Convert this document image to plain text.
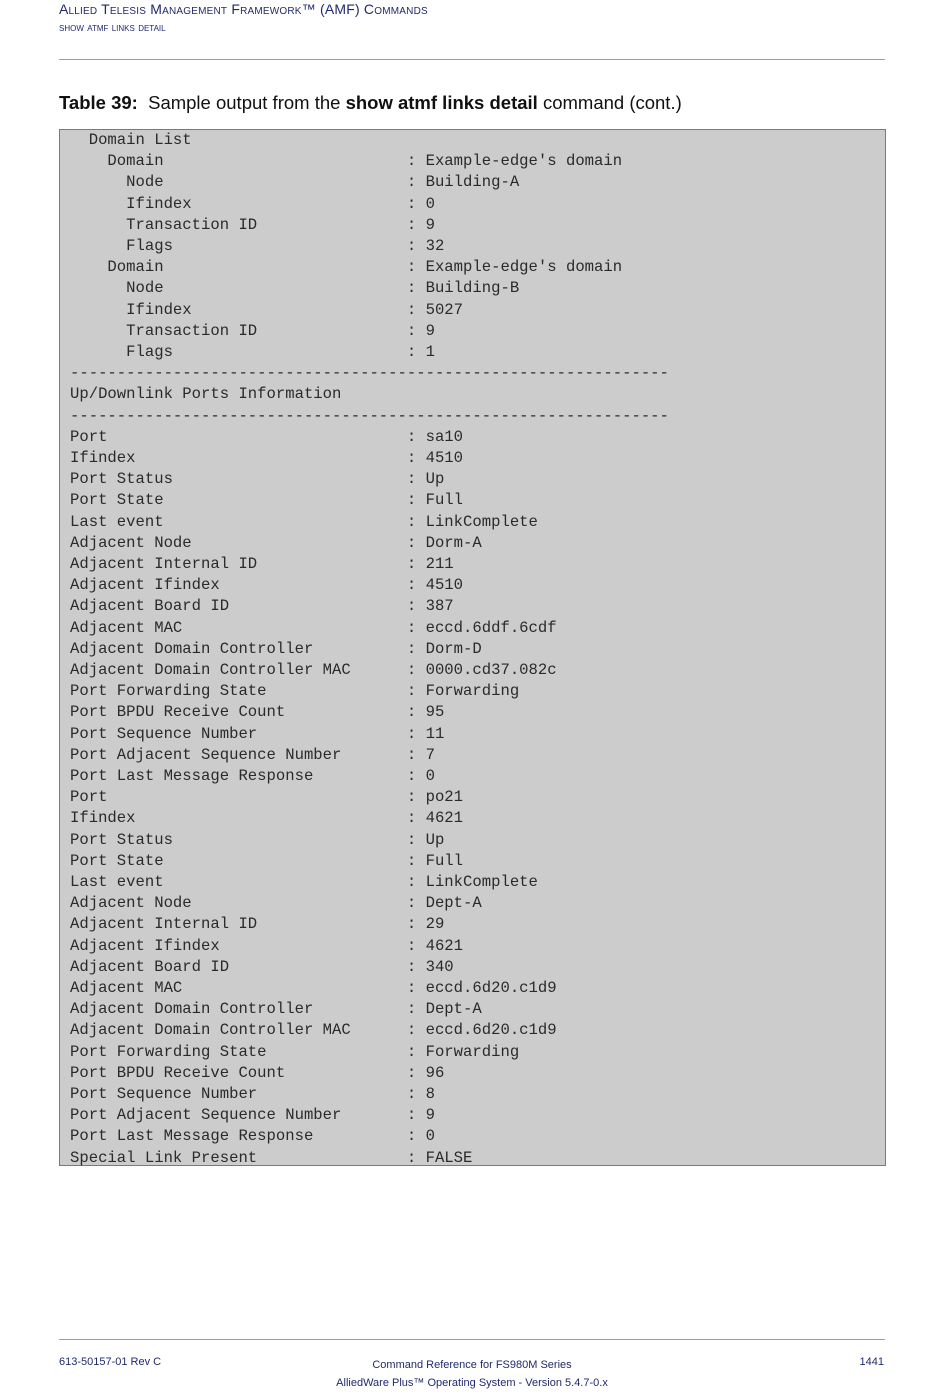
Allied Telesis Management Framework™ (AMF) Commands
show atmf links detail
Table 39: Sample output from the show atmf links detail command (cont.)
Domain List
Domain                          : Example-edge's domain
Node                          : Building-A
Ifindex                       : 0
Transaction ID                : 9
Flags                         : 32
Domain                          : Example-edge's domain
Node                          : Building-B
Ifindex                       : 5027
Transaction ID                : 9
Flags                         : 1
----------------------------------------------------------------
Up/Downlink Ports Information
----------------------------------------------------------------
Port                                : sa10
Ifindex                             : 4510
Port Status                         : Up
Port State                          : Full
Last event                          : LinkComplete
Adjacent Node                       : Dorm-A
Adjacent Internal ID                : 211
Adjacent Ifindex                    : 4510
Adjacent Board ID                   : 387
Adjacent MAC                        : eccd.6ddf.6cdf
Adjacent Domain Controller          : Dorm-D
Adjacent Domain Controller MAC      : 0000.cd37.082c
Port Forwarding State               : Forwarding
Port BPDU Receive Count             : 95
Port Sequence Number                : 11
Port Adjacent Sequence Number       : 7
Port Last Message Response          : 0
Port                                : po21
Ifindex                             : 4621
Port Status                         : Up
Port State                          : Full
Last event                          : LinkComplete
Adjacent Node                       : Dept-A
Adjacent Internal ID                : 29
Adjacent Ifindex                    : 4621
Adjacent Board ID                   : 340
Adjacent MAC                        : eccd.6d20.c1d9
Adjacent Domain Controller          : Dept-A
Adjacent Domain Controller MAC      : eccd.6d20.c1d9
Port Forwarding State               : Forwarding
Port BPDU Receive Count             : 96
Port Sequence Number                : 8
Port Adjacent Sequence Number       : 9
Port Last Message Response          : 0
Special Link Present                : FALSE
613-50157-01 Rev C	Command Reference for FS980M Series
AlliedWare Plus™ Operating System - Version 5.4.7-0.x
1441
